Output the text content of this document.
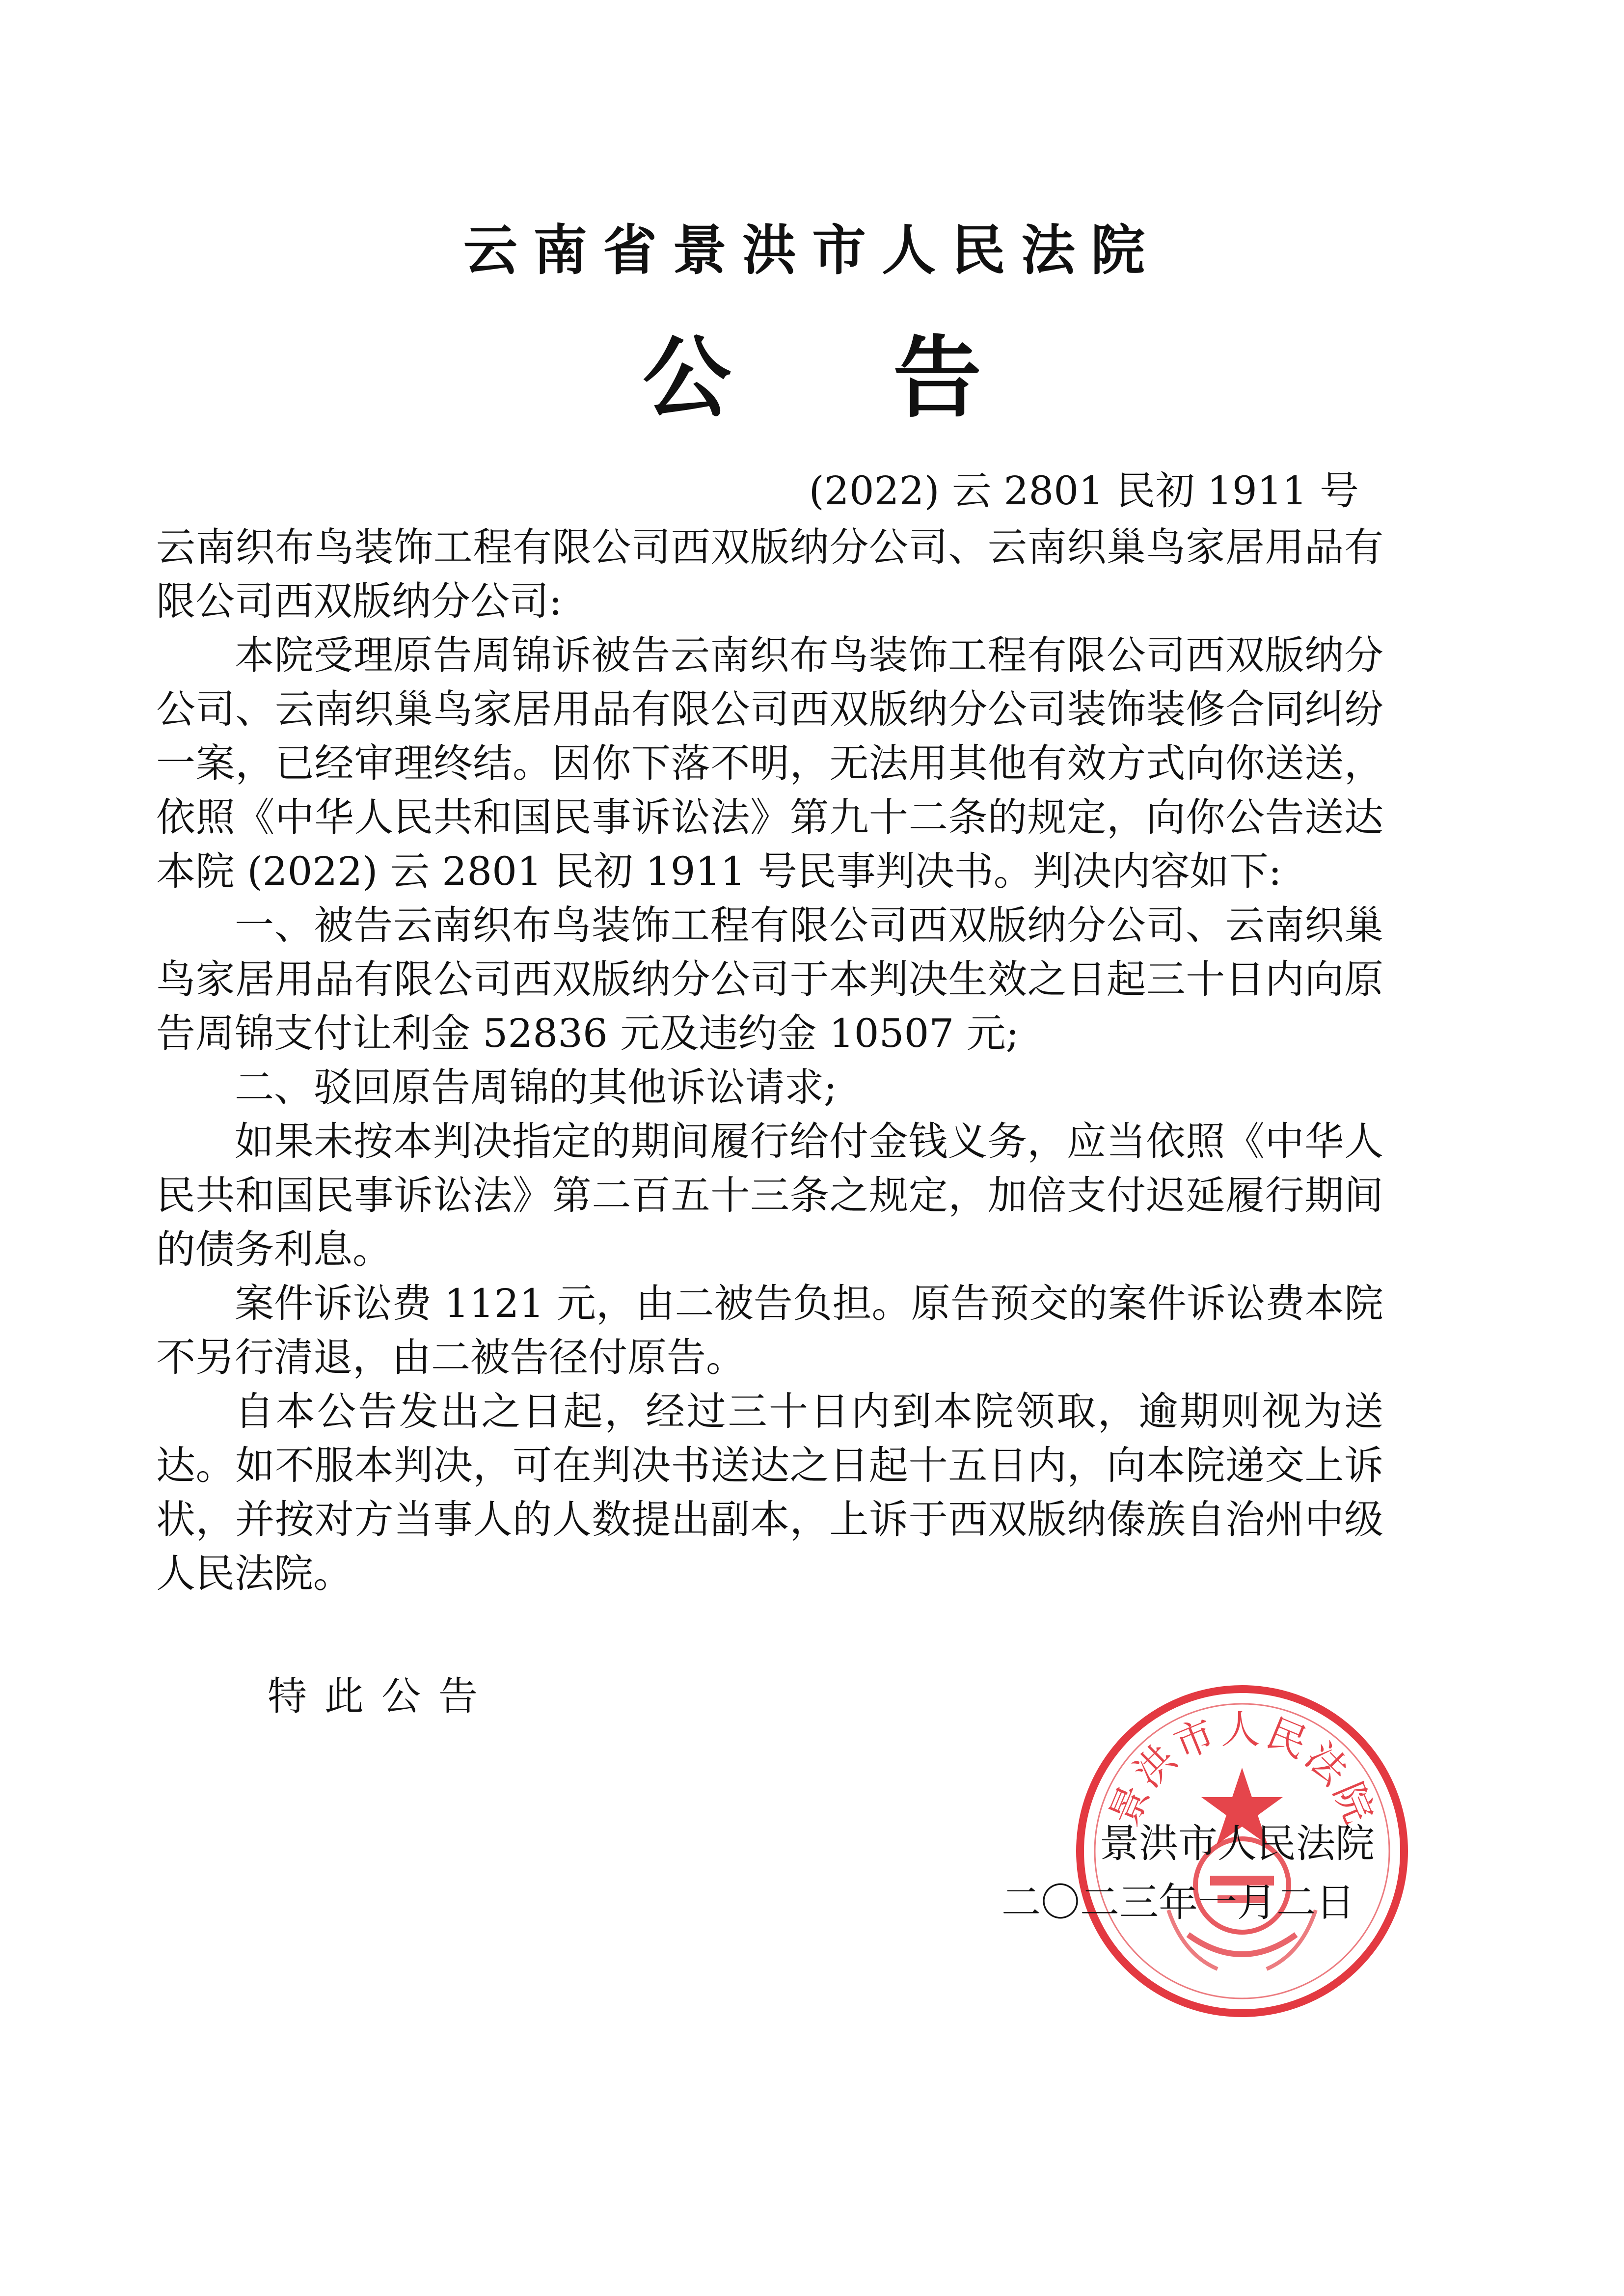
云南省景洪市人民法院
公告
(2022) 云 2801 民初 1911 号

云南织布鸟装饰工程有限公司西双版纳分公司、云南织巢鸟家居用品有限公司西双版纳分公司:

本院受理原告周锦诉被告云南织布鸟装饰工程有限公司西双版纳分公司、云南织巢鸟家居用品有限公司西双版纳分公司装饰装修合同纠纷一案，已经审理终结。因你下落不明，无法用其他有效方式向你送送，依照《中华人民共和国民事诉讼法》第九十二条的规定，向你公告送达本院 (2022) 云 2801 民初 1911 号民事判决书。判决内容如下:

一、被告云南织布鸟装饰工程有限公司西双版纳分公司、云南织巢鸟家居用品有限公司西双版纳分公司于本判决生效之日起三十日内向原告周锦支付让利金 52836 元及违约金 10507 元;

二、驳回原告周锦的其他诉讼请求;

如果未按本判决指定的期间履行给付金钱义务，应当依照《中华人民共和国民事诉讼法》第二百五十三条之规定，加倍支付迟延履行期间的债务利息。

案件诉讼费 1121 元，由二被告负担。原告预交的案件诉讼费本院不另行清退，由二被告径付原告。

自本公告发出之日起，经过三十日内到本院领取，逾期则视为送达。如不服本判决，可在判决书送达之日起十五日内，向本院递交上诉状，并按对方当事人的人数提出副本，上诉于西双版纳傣族自治州中级人民法院。

特此公告
景洪市人民法院
景洪市人民法院
二〇二三年一月二日
